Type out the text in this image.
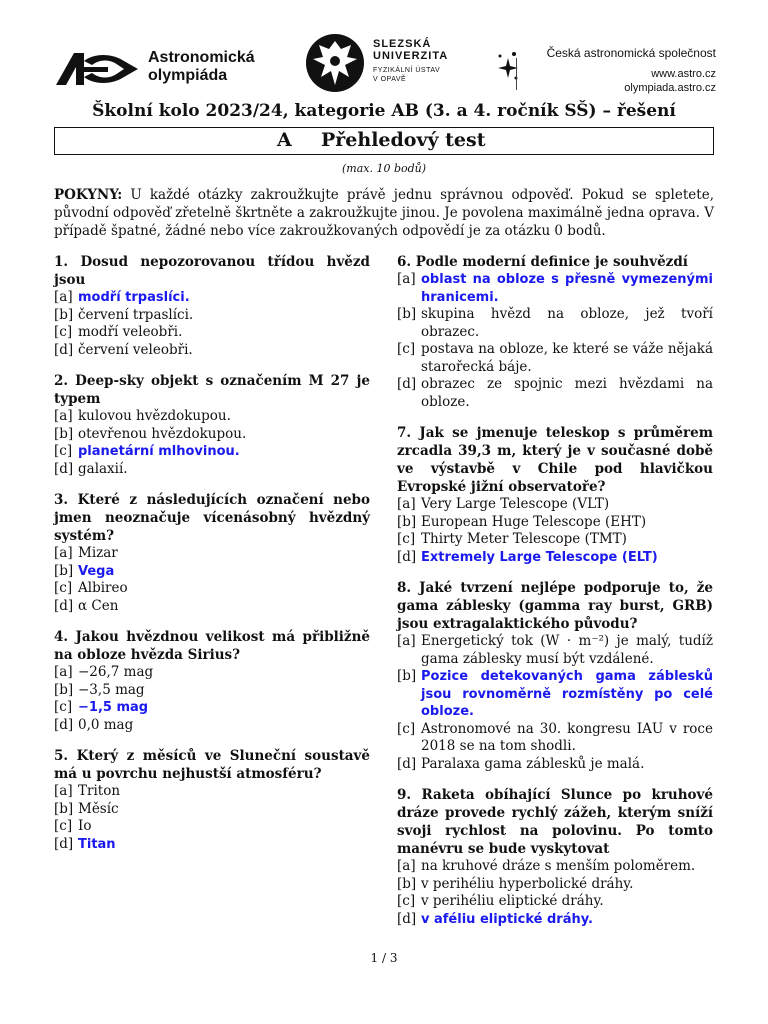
Astronomická
olympiáda
SLEZSKÁ
UNIVERZITA
FYZIKÁLNÍ ÚSTAV
V OPAVĚ
Česká astronomická společnost
www.astro.cz
olympiada.astro.cz
Školní kolo 2023/24, kategorie AB (3. a 4. ročník SŠ) – řešení
A Přehledový test
(max. 10 bodů)
POKYNY: U každé otázky zakroužkujte právě jednu správnou odpověď. Pokud se spletete, původní odpověď zřetelně škrtněte a zakroužkujte jinou. Je povolena maximálně jedna oprava. V případě špatné, žádné nebo více zakroužkovaných odpovědí je za otázku 0 bodů.
1. Dosud nepozorovanou třídou hvězd jsou
[a] modří trpaslíci.
[b] červení trpaslíci.
[c] modří veleobři.
[d] červení veleobři.
2. Deep-sky objekt s označením M 27 je typem
[a] kulovou hvězdokupou.
[b] otevřenou hvězdokupou.
[c] planetární mlhovinou.
[d] galaxií.
3. Které z následujících označení nebo jmen neoznačuje vícenásobný hvězdný systém?
[a] Mizar
[b] Vega
[c] Albireo
[d] α Cen
4. Jakou hvězdnou velikost má přibližně na obloze hvězda Sirius?
[a] −26,7 mag
[b] −3,5 mag
[c] −1,5 mag
[d] 0,0 mag
5. Který z měsíců ve Sluneční soustavě má u povrchu nejhustší atmosféru?
[a] Triton
[b] Měsíc
[c] Io
[d] Titan
6. Podle moderní definice je souhvězdí
[a] oblast na obloze s přesně vymezenými hranicemi.
[b] skupina hvězd na obloze, jež tvoří obrazec.
[c] postava na obloze, ke které se váže nějaká starořecká báje.
[d] obrazec ze spojnic mezi hvězdami na obloze.
7. Jak se jmenuje teleskop s průměrem zrcadla 39,3 m, který je v současné době ve výstavbě v Chile pod hlavičkou Evropské jižní observatoře?
[a] Very Large Telescope (VLT)
[b] European Huge Telescope (EHT)
[c] Thirty Meter Telescope (TMT)
[d] Extremely Large Telescope (ELT)
8. Jaké tvrzení nejlépe podporuje to, že gama záblesky (gamma ray burst, GRB) jsou extragalaktického původu?
[a] Energetický tok (W · m⁻²) je malý, tudíž gama záblesky musí být vzdálené.
[b] Pozice detekovaných gama záblesků jsou rovnoměrně rozmístěny po celé obloze.
[c] Astronomové na 30. kongresu IAU v roce 2018 se na tom shodli.
[d] Paralaxa gama záblesků je malá.
9. Raketa obíhající Slunce po kruhové dráze provede rychlý zážeh, kterým sníží svoji rychlost na polovinu. Po tomto manévru se bude vyskytovat
[a] na kruhové dráze s menším poloměrem.
[b] v perihéliu hyperbolické dráhy.
[c] v perihéliu eliptické dráhy.
[d] v aféliu eliptické dráhy.
1 / 3
